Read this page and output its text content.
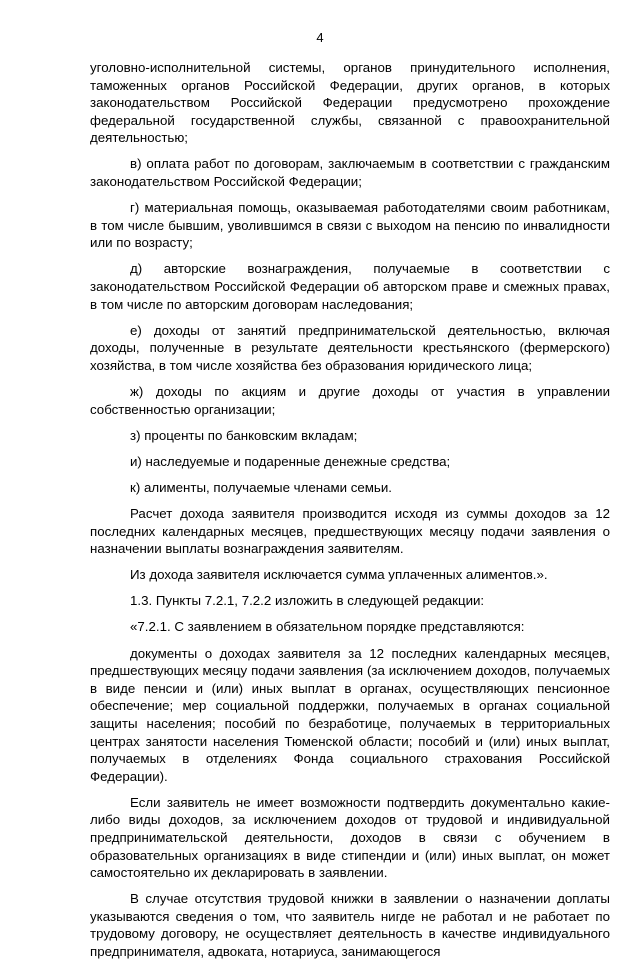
4

уголовно-исполнительной системы, органов принудительного исполнения, таможенных органов Российской Федерации, других органов, в которых законодательством Российской Федерации предусмотрено прохождение федеральной государственной службы, связанной с правоохранительной деятельностью;

в) оплата работ по договорам, заключаемым в соответствии с гражданским законодательством Российской Федерации;

г) материальная помощь, оказываемая работодателями своим работникам, в том числе бывшим, уволившимся в связи с выходом на пенсию по инвалидности или по возрасту;

д) авторские вознаграждения, получаемые в соответствии с законодательством Российской Федерации об авторском праве и смежных правах, в том числе по авторским договорам наследования;

е) доходы от занятий предпринимательской деятельностью, включая доходы, полученные в результате деятельности крестьянского (фермерского) хозяйства, в том числе хозяйства без образования юридического лица;

ж) доходы по акциям и другие доходы от участия в управлении собственностью организации;

з) проценты по банковским вкладам;

и) наследуемые и подаренные денежные средства;

к) алименты, получаемые членами семьи.

Расчет дохода заявителя производится исходя из суммы доходов за 12 последних календарных месяцев, предшествующих месяцу подачи заявления о назначении выплаты вознаграждения заявителям.

Из дохода заявителя исключается сумма уплаченных алиментов.».

1.3. Пункты 7.2.1, 7.2.2 изложить в следующей редакции:

«7.2.1. С заявлением в обязательном порядке представляются:

документы о доходах заявителя за 12 последних календарных месяцев, предшествующих месяцу подачи заявления (за исключением доходов, получаемых в виде пенсии и (или) иных выплат в органах, осуществляющих пенсионное обеспечение; мер социальной поддержки, получаемых в органах социальной защиты населения; пособий по безработице, получаемых в территориальных центрах занятости населения Тюменской области; пособий и (или) иных выплат, получаемых в отделениях Фонда социального страхования Российской Федерации).

Если заявитель не имеет возможности подтвердить документально какие-либо виды доходов, за исключением доходов от трудовой и индивидуальной предпринимательской деятельности, доходов в связи с обучением в образовательных организациях в виде стипендии и (или) иных выплат, он может самостоятельно их декларировать в заявлении.

В случае отсутствия трудовой книжки в заявлении о назначении доплаты указываются сведения о том, что заявитель нигде не работал и не работает по трудовому договору, не осуществляет деятельность в качестве индивидуального предпринимателя, адвоката, нотариуса, занимающегося
